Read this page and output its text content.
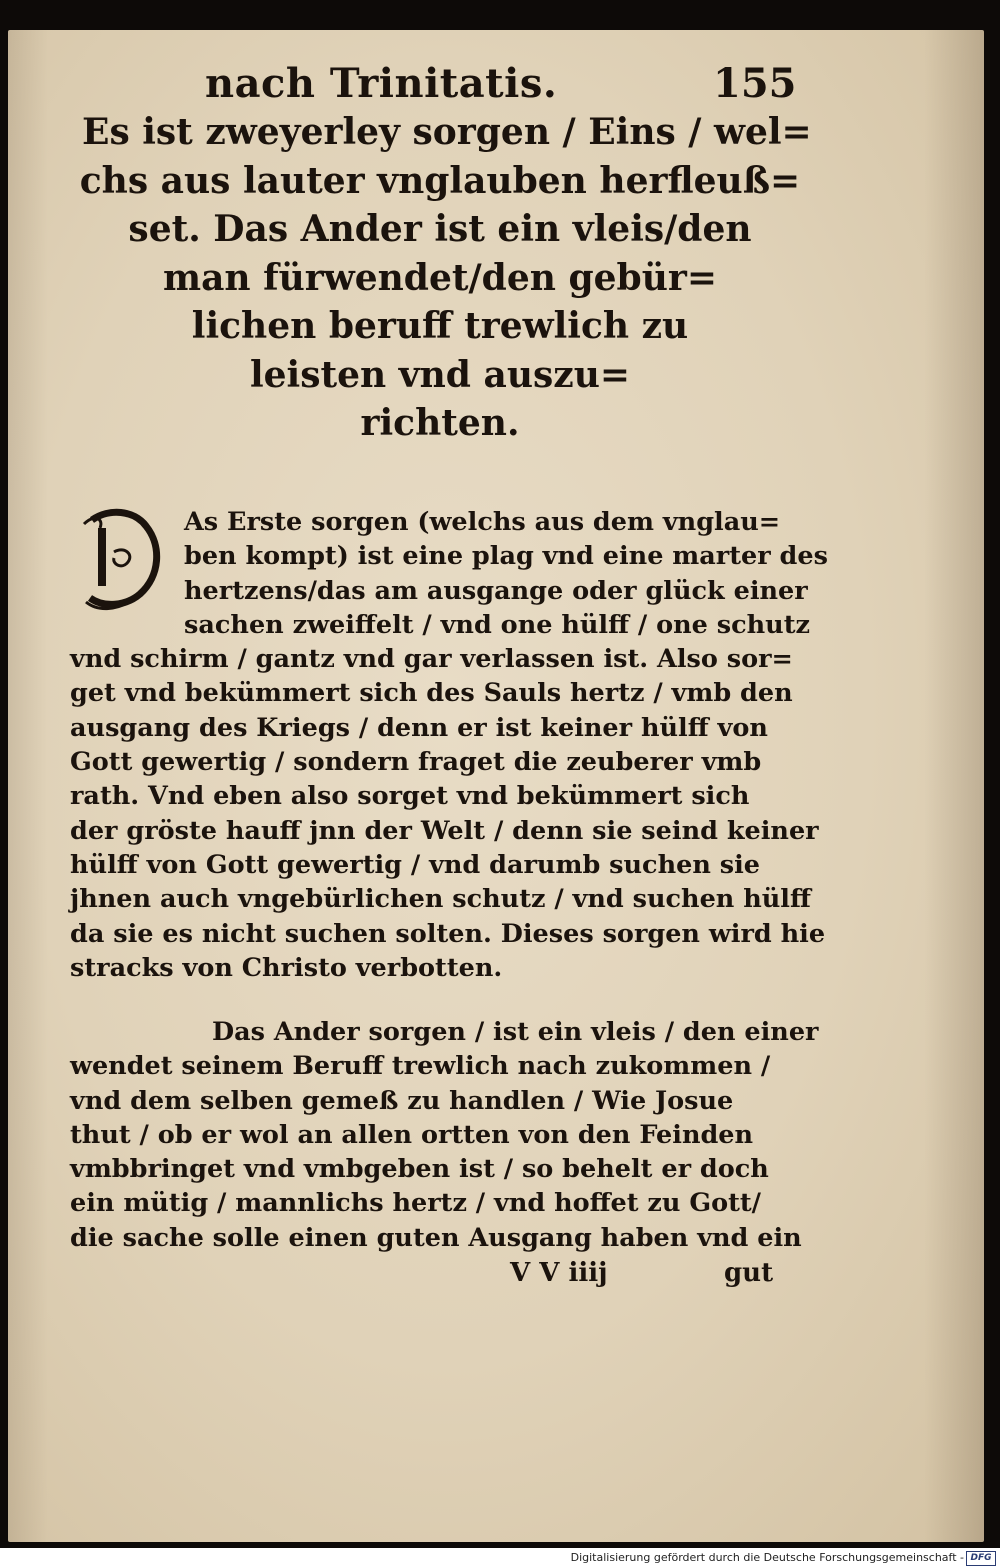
nach Trinitatis.	155
Es ist zweyerley sorgen / Eins / wel=
chs aus lauter vnglauben herfleuß=
set. Das Ander ist ein vleis/den
man fürwendet/den gebür=
lichen beruff trewlich zu
leisten vnd auszu=
richten.
As Erste sorgen (welchs aus dem vnglau=
ben kompt) ist eine plag vnd eine marter des
hertzens/das am ausgange oder glück einer
sachen zweiffelt / vnd one hülff / one schutz
vnd schirm / gantz vnd gar verlassen ist. Also sor=
get vnd bekümmert sich des Sauls hertz / vmb den
ausgang des Kriegs / denn er ist keiner hülff von
Gott gewertig / sondern fraget die zeuberer vmb
rath. Vnd eben also sorget vnd bekümmert sich
der gröste hauff jnn der Welt / denn sie seind keiner
hülff von Gott gewertig / vnd darumb suchen sie
jhnen auch vngebürlichen schutz / vnd suchen hülff
da sie es nicht suchen solten. Dieses sorgen wird hie
stracks von Christo verbotten.
Das Ander sorgen / ist ein vleis / den einer
wendet seinem Beruff trewlich nach zukommen /
vnd dem selben gemeß zu handlen / Wie Josue
thut / ob er wol an allen ortten von den Feinden
vmbbringet vnd vmbgeben ist / so behelt er doch
ein mütig / mannlichs hertz / vnd hoffet zu Gott/
die sache solle einen guten Ausgang haben vnd ein
V V iiij	gut
Digitalisierung gefördert durch die Deutsche Forschungsgemeinschaft - DFG
